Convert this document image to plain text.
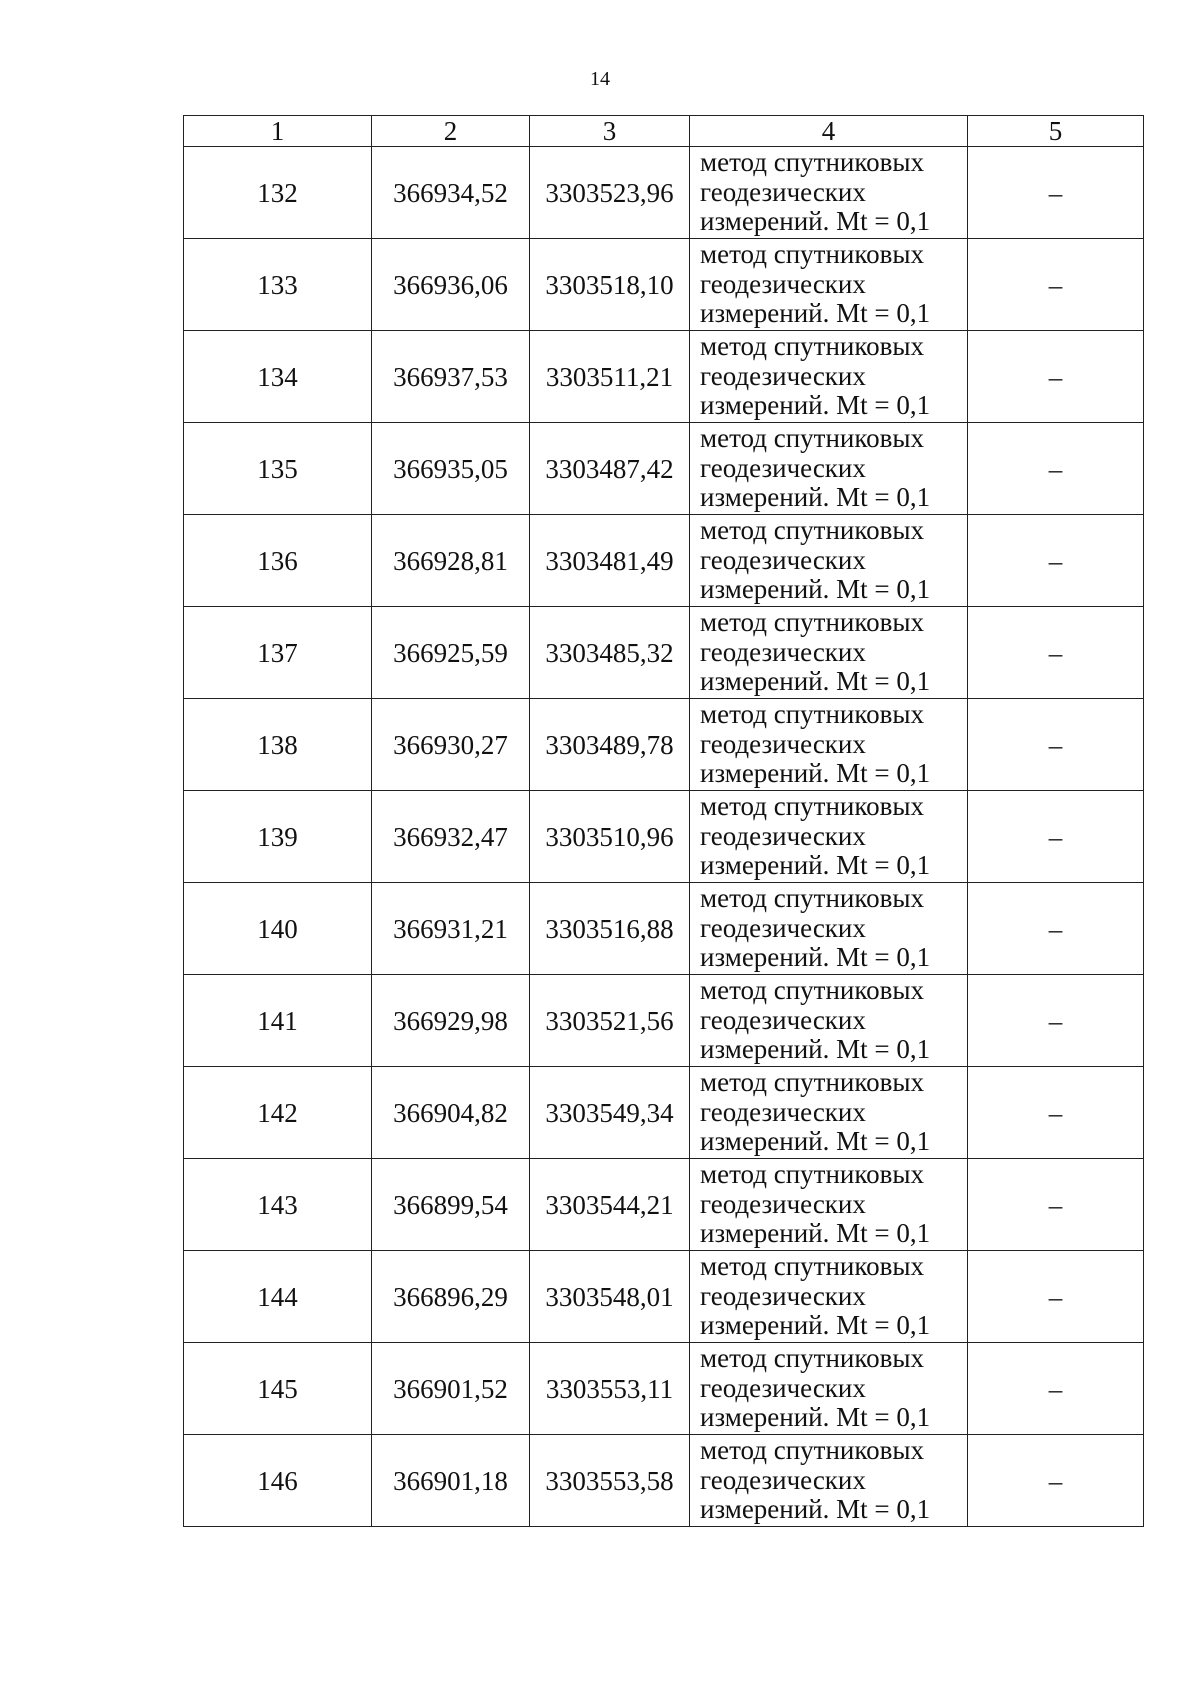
14
1	2	3	4	5
132	366934,52	3303523,96	метод спутниковых
геодезических
измерений. Mt = 0,1	–
133	366936,06	3303518,10	метод спутниковых
геодезических
измерений. Mt = 0,1	–
134	366937,53	3303511,21	метод спутниковых
геодезических
измерений. Mt = 0,1	–
135	366935,05	3303487,42	метод спутниковых
геодезических
измерений. Mt = 0,1	–
136	366928,81	3303481,49	метод спутниковых
геодезических
измерений. Mt = 0,1	–
137	366925,59	3303485,32	метод спутниковых
геодезических
измерений. Mt = 0,1	–
138	366930,27	3303489,78	метод спутниковых
геодезических
измерений. Mt = 0,1	–
139	366932,47	3303510,96	метод спутниковых
геодезических
измерений. Mt = 0,1	–
140	366931,21	3303516,88	метод спутниковых
геодезических
измерений. Mt = 0,1	–
141	366929,98	3303521,56	метод спутниковых
геодезических
измерений. Mt = 0,1	–
142	366904,82	3303549,34	метод спутниковых
геодезических
измерений. Mt = 0,1	–
143	366899,54	3303544,21	метод спутниковых
геодезических
измерений. Mt = 0,1	–
144	366896,29	3303548,01	метод спутниковых
геодезических
измерений. Mt = 0,1	–
145	366901,52	3303553,11	метод спутниковых
геодезических
измерений. Mt = 0,1	–
146	366901,18	3303553,58	метод спутниковых
геодезических
измерений. Mt = 0,1	–
